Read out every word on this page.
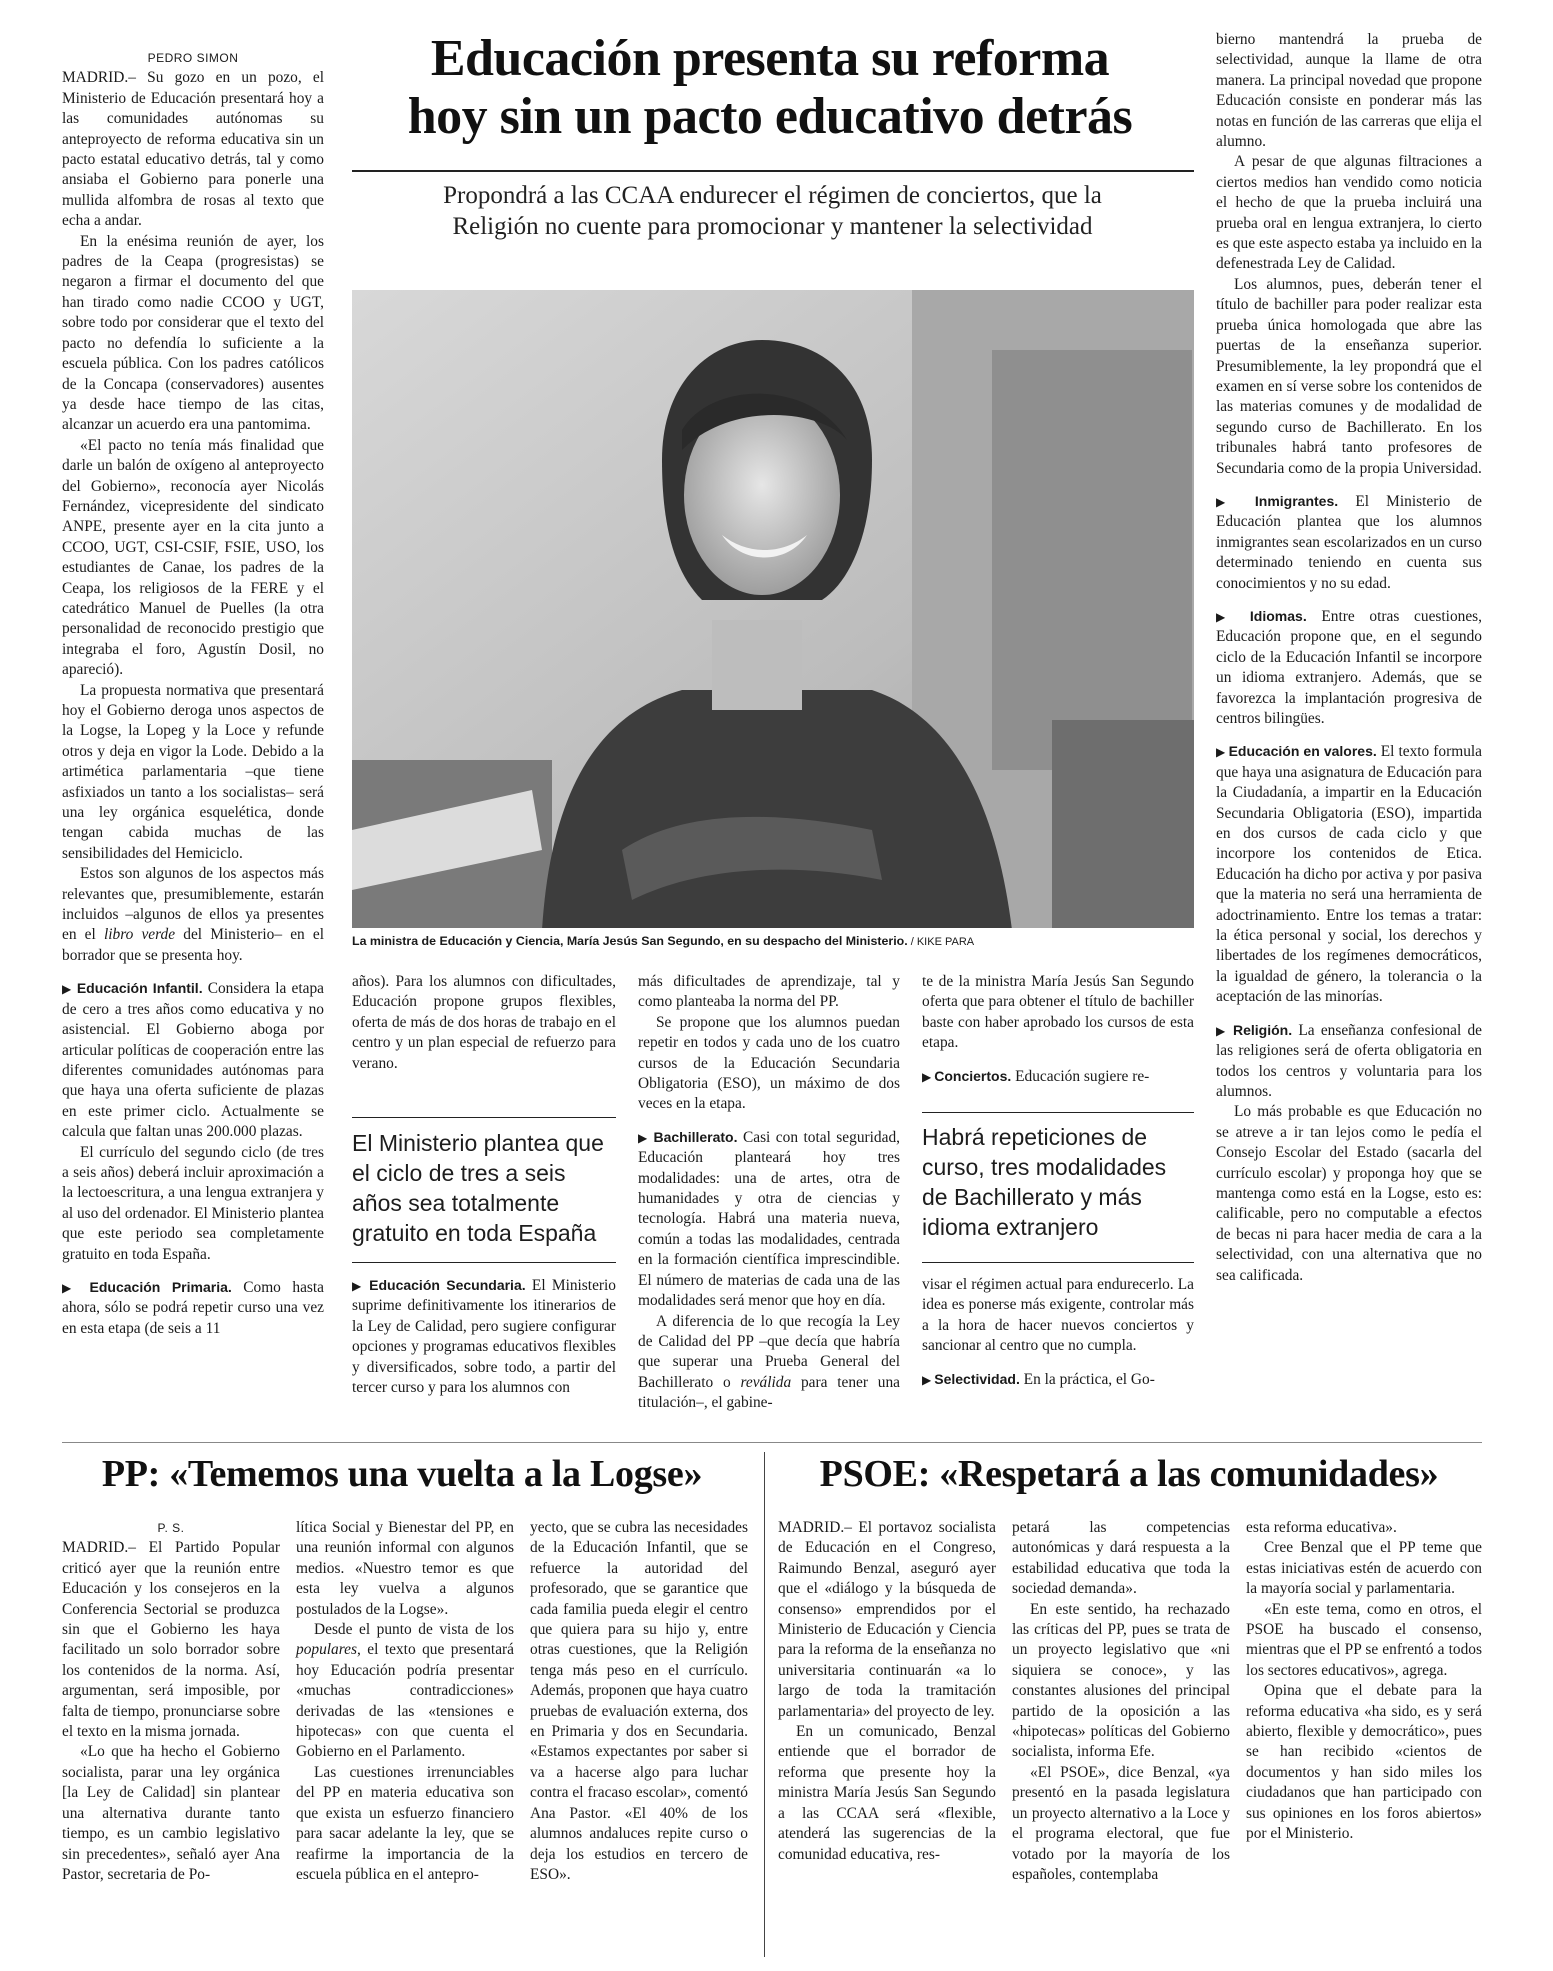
PEDRO SIMON

MADRID.– Su gozo en un pozo, el Ministerio de Educación presentará hoy a las comunidades autónomas su anteproyecto de reforma educativa sin un pacto estatal educativo detrás, tal y como ansiaba el Gobierno para ponerle una mullida alfombra de rosas al texto que echa a andar.

En la enésima reunión de ayer, los padres de la Ceapa (progresistas) se negaron a firmar el documento del que han tirado como nadie CCOO y UGT, sobre todo por considerar que el texto del pacto no defendía lo suficiente a la escuela pública. Con los padres católicos de la Concapa (conservadores) ausentes ya desde hace tiempo de las citas, alcanzar un acuerdo era una pantomima.

«El pacto no tenía más finalidad que darle un balón de oxígeno al anteproyecto del Gobierno», reconocía ayer Nicolás Fernández, vicepresidente del sindicato ANPE, presente ayer en la cita junto a CCOO, UGT, CSI-CSIF, FSIE, USO, los estudiantes de Canae, los padres de la Ceapa, los religiosos de la FERE y el catedrático Manuel de Puelles (la otra personalidad de reconocido prestigio que integraba el foro, Agustín Dosil, no apareció).

La propuesta normativa que presentará hoy el Gobierno deroga unos aspectos de la Logse, la Lopeg y la Loce y refunde otros y deja en vigor la Lode. Debido a la artimética parlamentaria –que tiene asfixiados un tanto a los socialistas– será una ley orgánica esquelética, donde tengan cabida muchas de las sensibilidades del Hemiciclo.

Estos son algunos de los aspectos más relevantes que, presumiblemente, estarán incluidos –algunos de ellos ya presentes en el libro verde del Ministerio– en el borrador que se presenta hoy.

▶ Educación Infantil. Considera la etapa de cero a tres años como educativa y no asistencial. El Gobierno aboga por articular políticas de cooperación entre las diferentes comunidades autónomas para que haya una oferta suficiente de plazas en este primer ciclo. Actualmente se calcula que faltan unas 200.000 plazas.

El currículo del segundo ciclo (de tres a seis años) deberá incluir aproximación a la lectoescritura, a una lengua extranjera y al uso del ordenador. El Ministerio plantea que este periodo sea completamente gratuito en toda España.

▶ Educación Primaria. Como hasta ahora, sólo se podrá repetir curso una vez en esta etapa (de seis a 11

Educación presenta su reforma
hoy sin un pacto educativo detrás
Propondrá a las CCAA endurecer el régimen de conciertos, que la
Religión no cuente para promocionar y mantener la selectividad
La ministra de Educación y Ciencia, María Jesús San Segundo, en su despacho del Ministerio. / KIKE PARA

años). Para los alumnos con dificultades, Educación propone grupos flexibles, oferta de más de dos horas de trabajo en el centro y un plan especial de refuerzo para verano.

El Ministerio plantea que el ciclo de tres a seis años sea totalmente gratuito en toda España

▶ Educación Secundaria. El Ministerio suprime definitivamente los itinerarios de la Ley de Calidad, pero sugiere configurar opciones y programas educativos flexibles y diversificados, sobre todo, a partir del tercer curso y para los alumnos con

más dificultades de aprendizaje, tal y como planteaba la norma del PP.

Se propone que los alumnos puedan repetir en todos y cada uno de los cuatro cursos de la Educación Secundaria Obligatoria (ESO), un máximo de dos veces en la etapa.

▶ Bachillerato. Casi con total seguridad, Educación planteará hoy tres modalidades: una de artes, otra de humanidades y otra de ciencias y tecnología. Habrá una materia nueva, común a todas las modalidades, centrada en la formación científica imprescindible. El número de materias de cada una de las modalidades será menor que hoy en día.

A diferencia de lo que recogía la Ley de Calidad del PP –que decía que habría que superar una Prueba General del Bachillerato o reválida para tener una titulación–, el gabine-

te de la ministra María Jesús San Segundo oferta que para obtener el título de bachiller baste con haber aprobado los cursos de esta etapa.

▶ Conciertos. Educación sugiere re-

Habrá repeticiones de curso, tres modalidades de Bachillerato y más idioma extranjero

visar el régimen actual para endurecerlo. La idea es ponerse más exigente, controlar más a la hora de hacer nuevos conciertos y sancionar al centro que no cumpla.

▶ Selectividad. En la práctica, el Go-

bierno mantendrá la prueba de selectividad, aunque la llame de otra manera. La principal novedad que propone Educación consiste en ponderar más las notas en función de las carreras que elija el alumno.

A pesar de que algunas filtraciones a ciertos medios han vendido como noticia el hecho de que la prueba incluirá una prueba oral en lengua extranjera, lo cierto es que este aspecto estaba ya incluido en la defenestrada Ley de Calidad.

Los alumnos, pues, deberán tener el título de bachiller para poder realizar esta prueba única homologada que abre las puertas de la enseñanza superior. Presumiblemente, la ley propondrá que el examen en sí verse sobre los contenidos de las materias comunes y de modalidad de segundo curso de Bachillerato. En los tribunales habrá tanto profesores de Secundaria como de la propia Universidad.

▶ Inmigrantes. El Ministerio de Educación plantea que los alumnos inmigrantes sean escolarizados en un curso determinado teniendo en cuenta sus conocimientos y no su edad.

▶ Idiomas. Entre otras cuestiones, Educación propone que, en el segundo ciclo de la Educación Infantil se incorpore un idioma extranjero. Además, que se favorezca la implantación progresiva de centros bilingües.

▶ Educación en valores. El texto formula que haya una asignatura de Educación para la Ciudadanía, a impartir en la Educación Secundaria Obligatoria (ESO), impartida en dos cursos de cada ciclo y que incorpore los contenidos de Etica. Educación ha dicho por activa y por pasiva que la materia no será una herramienta de adoctrinamiento. Entre los temas a tratar: la ética personal y social, los derechos y libertades de los regímenes democráticos, la igualdad de género, la tolerancia o la aceptación de las minorías.

▶ Religión. La enseñanza confesional de las religiones será de oferta obligatoria en todos los centros y voluntaria para los alumnos.

Lo más probable es que Educación no se atreve a ir tan lejos como le pedía el Consejo Escolar del Estado (sacarla del currículo escolar) y proponga hoy que se mantenga como está en la Logse, esto es: calificable, pero no computable a efectos de becas ni para hacer media de cara a la selectividad, con una alternativa que no sea calificada.

PP: «Tememos una vuelta a la Logse»
P. S.

MADRID.– El Partido Popular criticó ayer que la reunión entre Educación y los consejeros en la Conferencia Sectorial se produzca sin que el Gobierno les haya facilitado un solo borrador sobre los contenidos de la norma. Así, argumentan, será imposible, por falta de tiempo, pronunciarse sobre el texto en la misma jornada.

«Lo que ha hecho el Gobierno socialista, parar una ley orgánica [la Ley de Calidad] sin plantear una alternativa durante tanto tiempo, es un cambio legislativo sin precedentes», señaló ayer Ana Pastor, secretaria de Po-

lítica Social y Bienestar del PP, en una reunión informal con algunos medios. «Nuestro temor es que esta ley vuelva a algunos postulados de la Logse».

Desde el punto de vista de los populares, el texto que presentará hoy Educación podría presentar «muchas contradicciones» derivadas de las «tensiones e hipotecas» con que cuenta el Gobierno en el Parlamento.

Las cuestiones irrenunciables del PP en materia educativa son que exista un esfuerzo financiero para sacar adelante la ley, que se reafirme la importancia de la escuela pública en el antepro-

yecto, que se cubra las necesidades de la Educación Infantil, que se refuerce la autoridad del profesorado, que se garantice que cada familia pueda elegir el centro que quiera para su hijo y, entre otras cuestiones, que la Religión tenga más peso en el currículo. Además, proponen que haya cuatro pruebas de evaluación externa, dos en Primaria y dos en Secundaria. «Estamos expectantes por saber si va a hacerse algo para luchar contra el fracaso escolar», comentó Ana Pastor. «El 40% de los alumnos andaluces repite curso o deja los estudios en tercero de ESO».

PSOE: «Respetará a las comunidades»

MADRID.– El portavoz socialista de Educación en el Congreso, Raimundo Benzal, aseguró ayer que el «diálogo y la búsqueda de consenso» emprendidos por el Ministerio de Educación y Ciencia para la reforma de la enseñanza no universitaria continuarán «a lo largo de toda la tramitación parlamentaria» del proyecto de ley.

En un comunicado, Benzal entiende que el borrador de reforma que presente hoy la ministra María Jesús San Segundo a las CCAA será «flexible, atenderá las sugerencias de la comunidad educativa, res-

petará las competencias autonómicas y dará respuesta a la estabilidad educativa que toda la sociedad demanda».

En este sentido, ha rechazado las críticas del PP, pues se trata de un proyecto legislativo que «ni siquiera se conoce», y las constantes alusiones del principal partido de la oposición a las «hipotecas» políticas del Gobierno socialista, informa Efe.

«El PSOE», dice Benzal, «ya presentó en la pasada legislatura un proyecto alternativo a la Loce y el programa electoral, que fue votado por la mayoría de los españoles, contemplaba

esta reforma educativa».

Cree Benzal que el PP teme que estas iniciativas estén de acuerdo con la mayoría social y parlamentaria.

«En este tema, como en otros, el PSOE ha buscado el consenso, mientras que el PP se enfrentó a todos los sectores educativos», agrega.

Opina que el debate para la reforma educativa «ha sido, es y será abierto, flexible y democrático», pues se han recibido «cientos de documentos y han sido miles los ciudadanos que han participado con sus opiniones en los foros abiertos» por el Ministerio.
